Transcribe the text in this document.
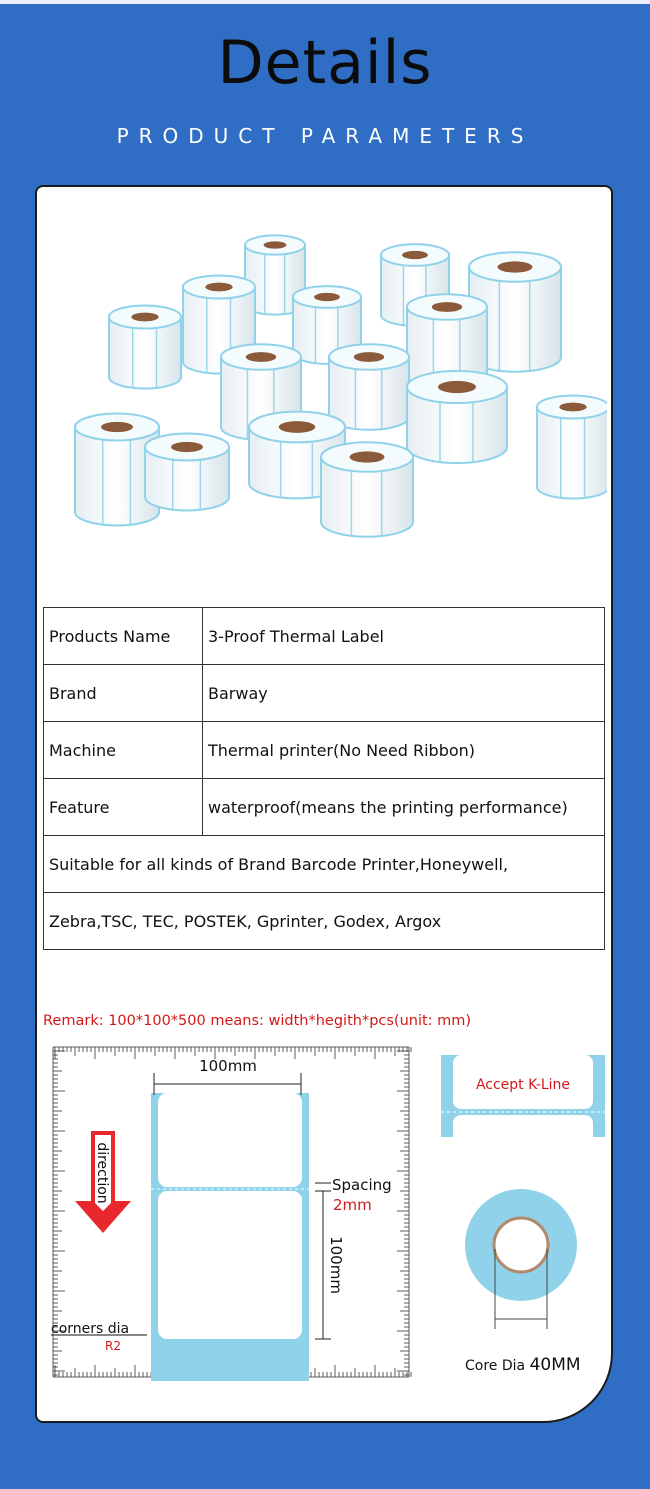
Details
PRODUCT PARAMETERS
Products Name	3-Proof Thermal Label
Brand	Barway
Machine	Thermal printer(No Need Ribbon)
Feature	waterproof(means the printing performance)
Suitable for all kinds of Brand Barcode Printer,Honeywell,	
Zebra,TSC, TEC, POSTEK, Gprinter, Godex, Argox	
Remark: 100*100*500 means: width*hegith*pcs(unit: mm)
100mm
100mm
Spacing
2mm
direction
corners dia
R2
Accept K-Line
Core Dia 40MM
